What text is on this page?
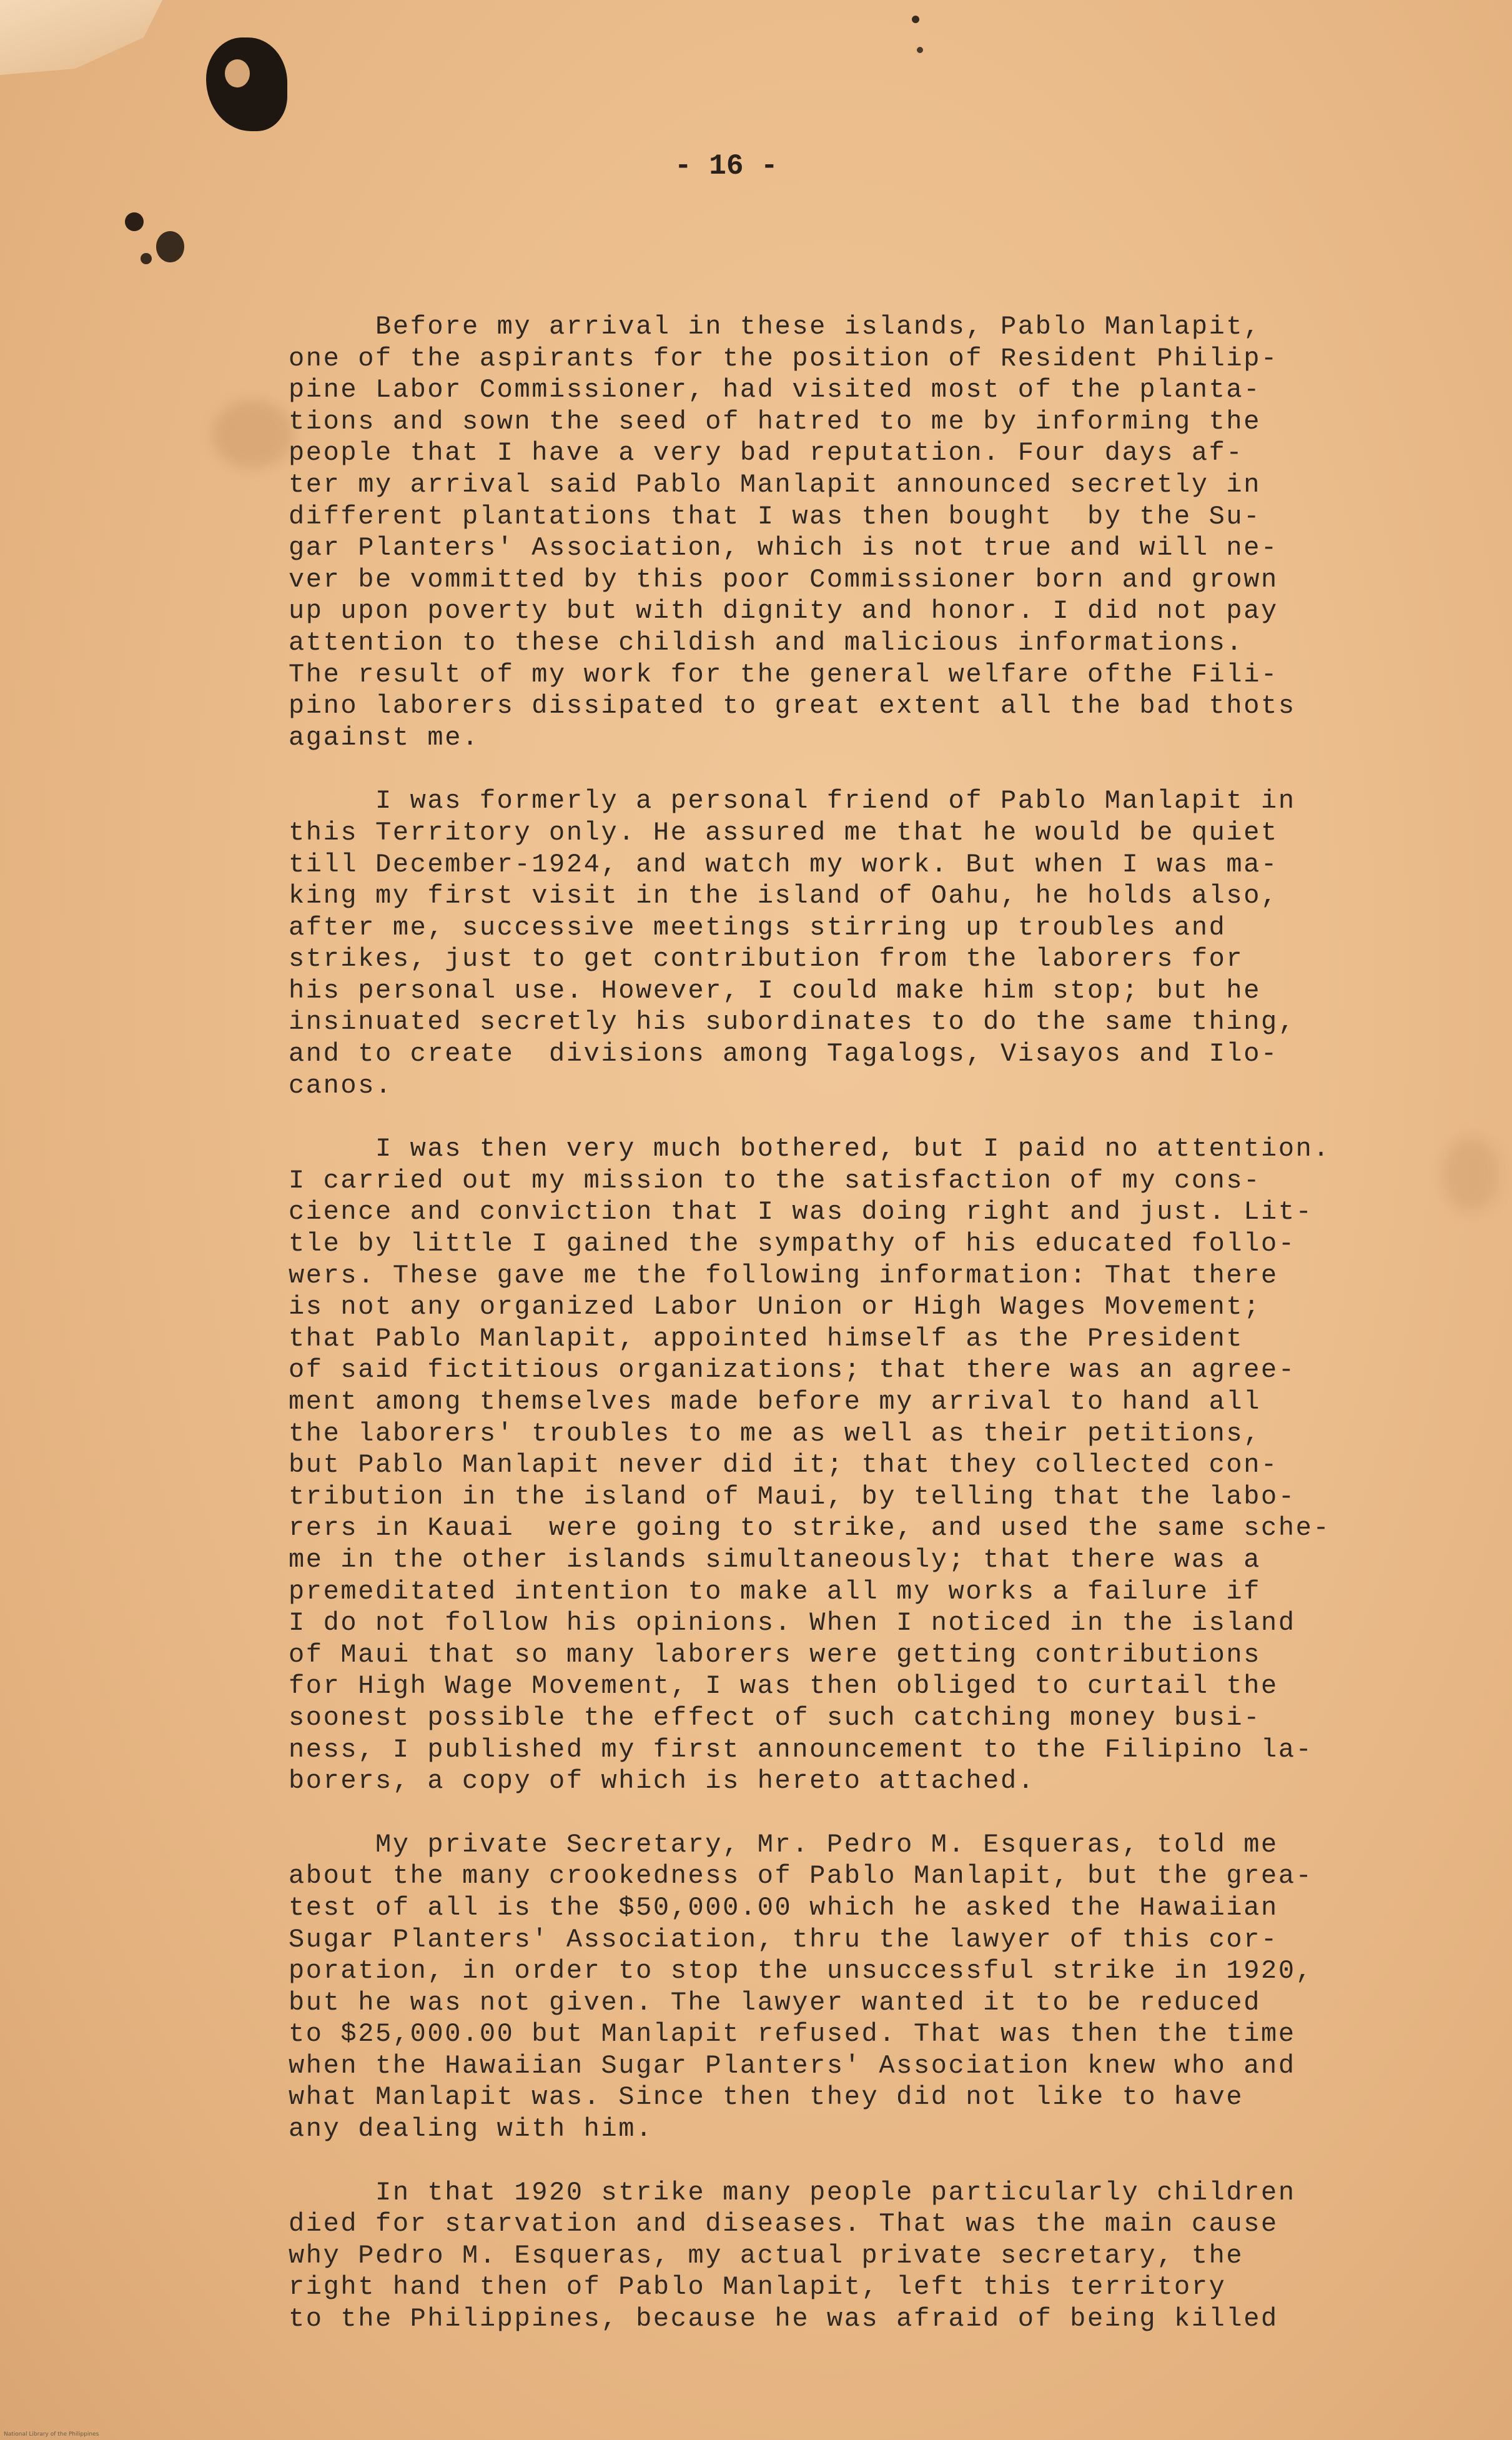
- 16 -
Before my arrival in these islands, Pablo Manlapit,
one of the aspirants for the position of Resident Philip-
pine Labor Commissioner, had visited most of the planta-
tions and sown the seed of hatred to me by informing the
people that I have a very bad reputation. Four days af-
ter my arrival said Pablo Manlapit announced secretly in
different plantations that I was then bought  by the Su-
gar Planters' Association, which is not true and will ne-
ver be vommitted by this poor Commissioner born and grown
up upon poverty but with dignity and honor. I did not pay
attention to these childish and malicious informations.
The result of my work for the general welfare ofthe Fili-
pino laborers dissipated to great extent all the bad thots
against me.
I was formerly a personal friend of Pablo Manlapit in
this Territory only. He assured me that he would be quiet
till December-1924, and watch my work. But when I was ma-
king my first visit in the island of Oahu, he holds also,
after me, successive meetings stirring up troubles and
strikes, just to get contribution from the laborers for
his personal use. However, I could make him stop; but he
insinuated secretly his subordinates to do the same thing,
and to create  divisions among Tagalogs, Visayos and Ilo-
canos.
I was then very much bothered, but I paid no attention.
I carried out my mission to the satisfaction of my cons-
cience and conviction that I was doing right and just. Lit-
tle by little I gained the sympathy of his educated follo-
wers. These gave me the following information: That there
is not any organized Labor Union or High Wages Movement;
that Pablo Manlapit, appointed himself as the President
of said fictitious organizations; that there was an agree-
ment among themselves made before my arrival to hand all
the laborers' troubles to me as well as their petitions,
but Pablo Manlapit never did it; that they collected con-
tribution in the island of Maui, by telling that the labo-
rers in Kauai  were going to strike, and used the same sche-
me in the other islands simultaneously; that there was a
premeditated intention to make all my works a failure if
I do not follow his opinions. When I noticed in the island
of Maui that so many laborers were getting contributions
for High Wage Movement, I was then obliged to curtail the
soonest possible the effect of such catching money busi-
ness, I published my first announcement to the Filipino la-
borers, a copy of which is hereto attached.
My private Secretary, Mr. Pedro M. Esqueras, told me
about the many crookedness of Pablo Manlapit, but the grea-
test of all is the $50,000.00 which he asked the Hawaiian
Sugar Planters' Association, thru the lawyer of this cor-
poration, in order to stop the unsuccessful strike in 1920,
but he was not given. The lawyer wanted it to be reduced
to $25,000.00 but Manlapit refused. That was then the time
when the Hawaiian Sugar Planters' Association knew who and
what Manlapit was. Since then they did not like to have
any dealing with him.
In that 1920 strike many people particularly children
died for starvation and diseases. That was the main cause
why Pedro M. Esqueras, my actual private secretary, the
right hand then of Pablo Manlapit, left this territory
to the Philippines, because he was afraid of being killed
National Library of the Philippines
